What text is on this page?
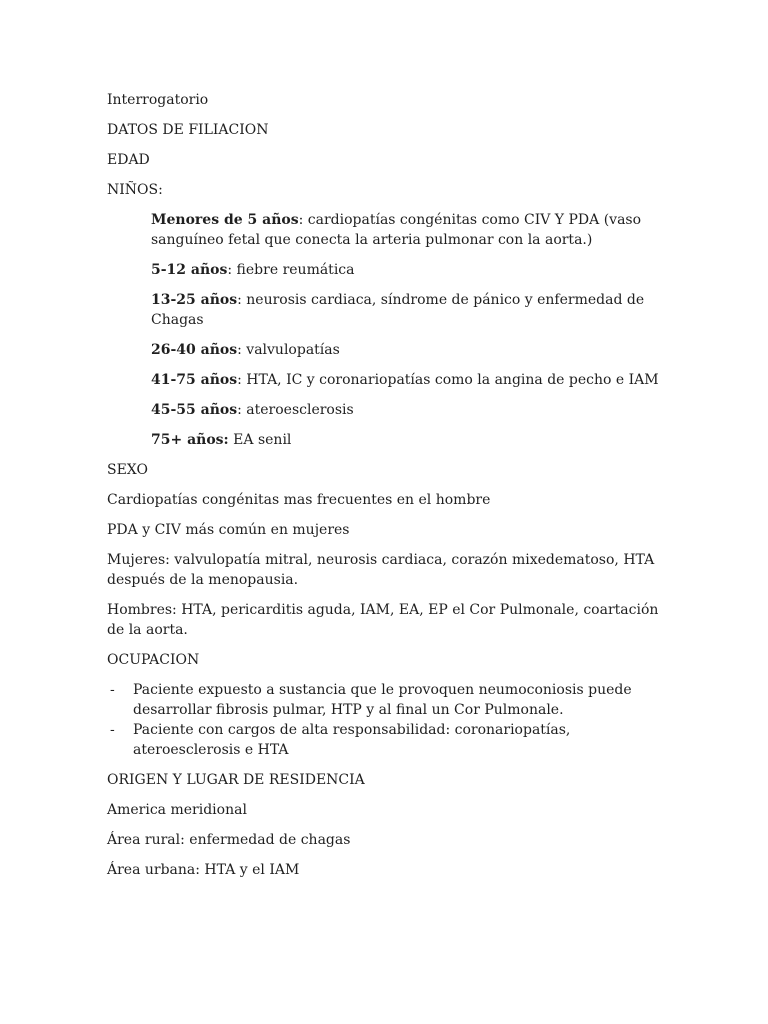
Interrogatorio

DATOS DE FILIACION

EDAD

NIÑOS:

Menores de 5 años: cardiopatías congénitas como CIV Y PDA (vaso sanguíneo fetal que conecta la arteria pulmonar con la aorta.)

5-12 años: fiebre reumática

13-25 años: neurosis cardiaca, síndrome de pánico y enfermedad de Chagas

26-40 años: valvulopatías

41-75 años: HTA, IC y coronariopatías como la angina de pecho e IAM

45-55 años: ateroesclerosis

75+ años: EA senil

SEXO

Cardiopatías congénitas mas frecuentes en el hombre

PDA y CIV más común en mujeres

Mujeres: valvulopatía mitral, neurosis cardiaca, corazón mixedematoso, HTA después de la menopausia.

Hombres: HTA, pericarditis aguda, IAM, EA, EP el Cor Pulmonale, coartación de la aorta.

OCUPACION

- Paciente expuesto a sustancia que le provoquen neumoconiosis puede desarrollar fibrosis pulmar, HTP y al final un Cor Pulmonale.
- Paciente con cargos de alta responsabilidad: coronariopatías, ateroesclerosis e HTA

ORIGEN Y LUGAR DE RESIDENCIA

America meridional

Área rural: enfermedad de chagas

Área urbana: HTA y el IAM
